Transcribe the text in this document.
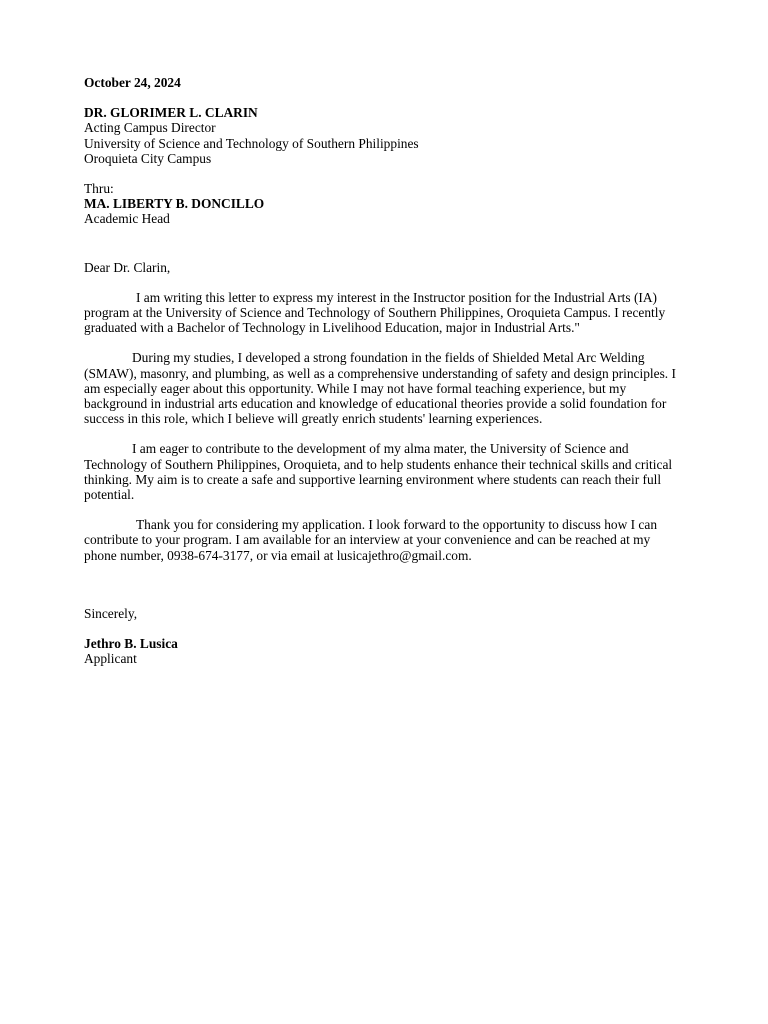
October 24, 2024
DR. GLORIMER L. CLARIN
Acting Campus Director
University of Science and Technology of Southern Philippines
Oroquieta City Campus
Thru:
MA. LIBERTY B. DONCILLO
Academic Head
Dear Dr. Clarin,

I am writing this letter to express my interest in the Instructor position for the Industrial Arts (IA) program at the University of Science and Technology of Southern Philippines, Oroquieta Campus. I recently graduated with a Bachelor of Technology in Livelihood Education, major in Industrial Arts."

During my studies, I developed a strong foundation in the fields of Shielded Metal Arc Welding (SMAW), masonry, and plumbing, as well as a comprehensive understanding of safety and design principles. I am especially eager about this opportunity. While I may not have formal teaching experience, but my background in industrial arts education and knowledge of educational theories provide a solid foundation for success in this role, which I believe will greatly enrich students' learning experiences.

I am eager to contribute to the development of my alma mater, the University of Science and Technology of Southern Philippines, Oroquieta, and to help students enhance their technical skills and critical thinking. My aim is to create a safe and supportive learning environment where students can reach their full potential.

Thank you for considering my application. I look forward to the opportunity to discuss how I can contribute to your program. I am available for an interview at your convenience and can be reached at my phone number, 0938-674-3177, or via email at lusicajethro@gmail.com.

Sincerely,
Jethro B. Lusica
Applicant
